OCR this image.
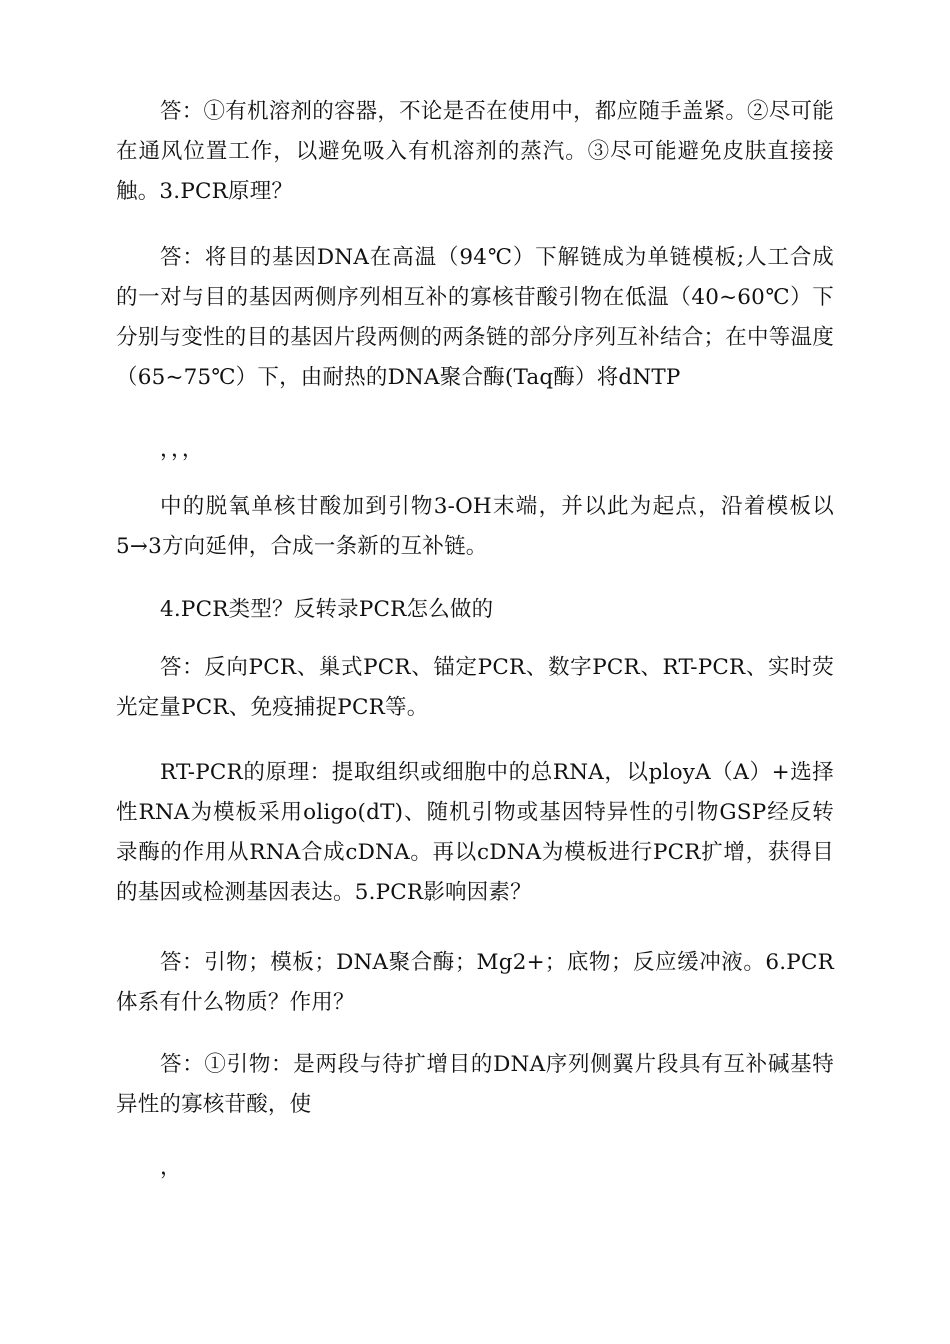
答：①有机溶剂的容器，不论是否在使用中，都应随手盖紧。②尽可能在通风位置工作，以避免吸入有机溶剂的蒸汽。③尽可能避免皮肤直接接触。3.PCR原理？

答：将目的基因DNA在高温（94℃）下解链成为单链模板;人工合成的一对与目的基因两侧序列相互补的寡核苷酸引物在低温（40~60℃）下分别与变性的目的基因片段两侧的两条链的部分序列互补结合；在中等温度（65~75℃）下，由耐热的DNA聚合酶(Taq酶）将dNTP

，，，

中的脱氧单核甘酸加到引物3-OH末端，并以此为起点，沿着模板以5→3方向延伸，合成一条新的互补链。

4.PCR类型？反转录PCR怎么做的

答：反向PCR、巢式PCR、锚定PCR、数字PCR、RT-PCR、实时荧光定量PCR、免疫捕捉PCR等。

RT-PCR的原理：提取组织或细胞中的总RNA，以ployA（A）+选择性RNA为模板采用oligo(dT)、随机引物或基因特异性的引物GSP经反转录酶的作用从RNA合成cDNA。再以cDNA为模板进行PCR扩增，获得目的基因或检测基因表达。5.PCR影响因素？

答：引物；模板；DNA聚合酶；Mg2+；底物；反应缓冲液。6.PCR体系有什么物质？作用？

答：①引物：是两段与待扩增目的DNA序列侧翼片段具有互补碱基特异性的寡核苷酸，使

，
